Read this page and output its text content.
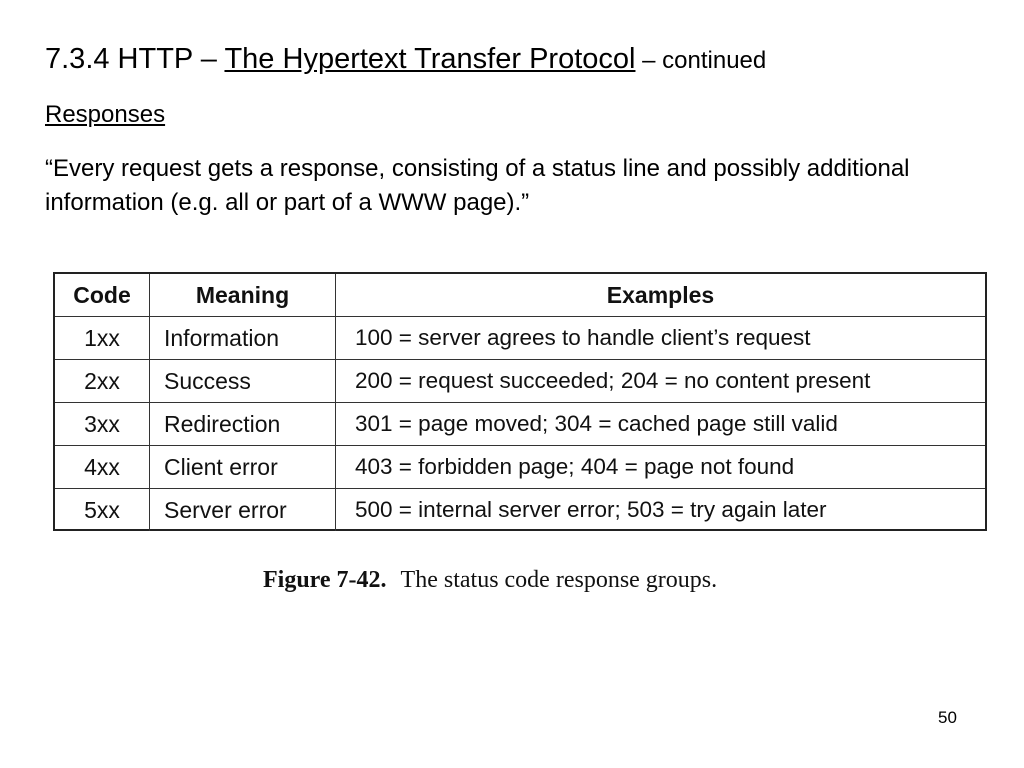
7.3.4 HTTP – The Hypertext Transfer Protocol – continued
Responses
“Every request gets a response, consisting of a status line and possibly additional information (e.g. all or part of a WWW page).”
Code	Meaning	Examples
1xx	Information	100 = server agrees to handle client’s request
2xx	Success	200 = request succeeded; 204 = no content present
3xx	Redirection	301 = page moved; 304 = cached page still valid
4xx	Client error	403 = forbidden page; 404 = page not found
5xx	Server error	500 = internal server error; 503 = try again later
Figure 7-42. The status code response groups.
50
